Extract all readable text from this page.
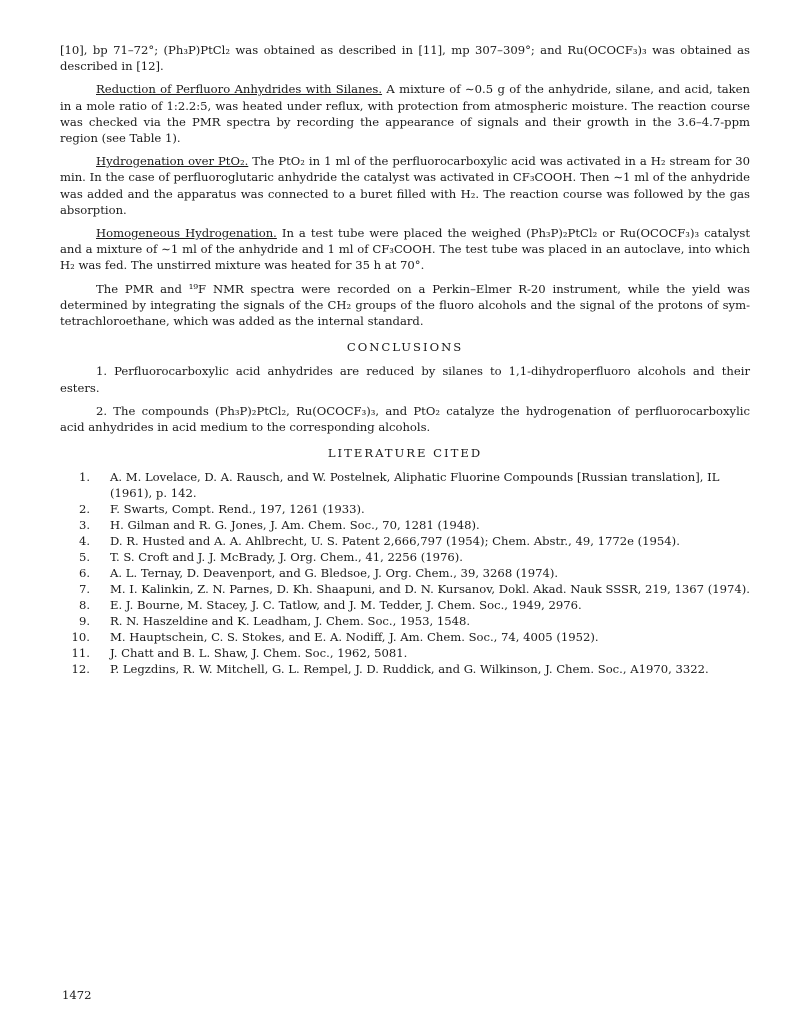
[10], bp 71–72°; (Ph₃P)PtCl₂ was obtained as described in [11], mp 307–309°; and Ru(OCOCF₃)₃ was obtained as described in [12].

Reduction of Perfluoro Anhydrides with Silanes. A mixture of ∼0.5 g of the anhydride, silane, and acid, taken in a mole ratio of 1:2.2:5, was heated under reflux, with protection from atmospheric moisture. The reaction course was checked via the PMR spectra by recording the appearance of signals and their growth in the 3.6–4.7-ppm region (see Table 1).

Hydrogenation over PtO₂. The PtO₂ in 1 ml of the perfluorocarboxylic acid was activated in a H₂ stream for 30 min. In the case of perfluoroglutaric anhydride the catalyst was activated in CF₃COOH. Then ∼1 ml of the anhydride was added and the apparatus was connected to a buret filled with H₂. The reaction course was followed by the gas absorption.

Homogeneous Hydrogenation. In a test tube were placed the weighed (Ph₃P)₂PtCl₂ or Ru(OCOCF₃)₃ catalyst and a mixture of ∼1 ml of the anhydride and 1 ml of CF₃COOH. The test tube was placed in an autoclave, into which H₂ was fed. The unstirred mixture was heated for 35 h at 70°.

The PMR and ¹⁹F NMR spectra were recorded on a Perkin–Elmer R-20 instrument, while the yield was determined by integrating the signals of the CH₂ groups of the fluoro alcohols and the signal of the protons of sym-tetrachloroethane, which was added as the internal standard.

CONCLUSIONS

1. Perfluorocarboxylic acid anhydrides are reduced by silanes to 1,1-dihydroperfluoro alcohols and their esters.

2. The compounds (Ph₃P)₂PtCl₂, Ru(OCOCF₃)₃, and PtO₂ catalyze the hydrogenation of perfluorocarboxylic acid anhydrides in acid medium to the corresponding alcohols.

LITERATURE CITED
1.	A. M. Lovelace, D. A. Rausch, and W. Postelnek, Aliphatic Fluorine Compounds [Russian translation], IL (1961), p. 142.
2.	F. Swarts, Compt. Rend., 197, 1261 (1933).
3.	H. Gilman and R. G. Jones, J. Am. Chem. Soc., 70, 1281 (1948).
4.	D. R. Husted and A. A. Ahlbrecht, U. S. Patent 2,666,797 (1954); Chem. Abstr., 49, 1772e (1954).
5.	T. S. Croft and J. J. McBrady, J. Org. Chem., 41, 2256 (1976).
6.	A. L. Ternay, D. Deavenport, and G. Bledsoe, J. Org. Chem., 39, 3268 (1974).
7.	M. I. Kalinkin, Z. N. Parnes, D. Kh. Shaapuni, and D. N. Kursanov, Dokl. Akad. Nauk SSSR, 219, 1367 (1974).
8.	E. J. Bourne, M. Stacey, J. C. Tatlow, and J. M. Tedder, J. Chem. Soc., 1949, 2976.
9.	R. N. Haszeldine and K. Leadham, J. Chem. Soc., 1953, 1548.
10.	M. Hauptschein, C. S. Stokes, and E. A. Nodiff, J. Am. Chem. Soc., 74, 4005 (1952).
11.	J. Chatt and B. L. Shaw, J. Chem. Soc., 1962, 5081.
12.	P. Legzdins, R. W. Mitchell, G. L. Rempel, J. D. Ruddick, and G. Wilkinson, J. Chem. Soc., A1970, 3322.
1472
